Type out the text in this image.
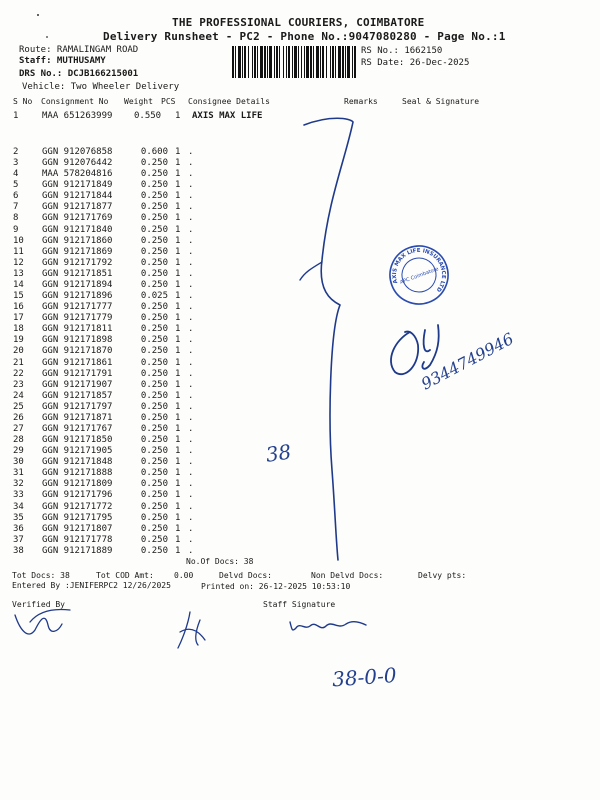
THE PROFESSIONAL COURIERS, COIMBATORE
Delivery Runsheet - PC2 - Phone No.:9047080280 - Page No.:1
Route: RAMALINGAM ROAD
Staff: MUTHUSAMY
DRS No.: DCJB166215001
Vehicle: Two Wheeler Delivery
RS No.: 1662150
RS Date: 26-Dec-2025
S No Consignment No Weight PCS Consignee Details	Remarks	Seal & Signature
1	MAA 651263999 0.550 1 AXIS MAX LIFE
2	GGN 912076858	0.600 1 .
3	GGN 912076442	0.250 1 .
4	MAA 578204816	0.250 1 .
5	GGN 912171849	0.250 1 .
6	GGN 912171844	0.250 1 .
7	GGN 912171877	0.250 1 .
8	GGN 912171769	0.250 1 .
9	GGN 912171840	0.250 1 .
10 GGN 912171860	0.250 1 .
11 GGN 912171869	0.250 1 .
12 GGN 912171792	0.250 1 .
13 GGN 912171851	0.250 1 .
14 GGN 912171894	0.250 1 .
15 GGN 912171896	0.025 1 .
16 GGN 912171777	0.250 1 .
17 GGN 912171779	0.250 1 .
18 GGN 912171811	0.250 1 .
19 GGN 912171898	0.250 1 .
20 GGN 912171870	0.250 1 .
21 GGN 912171861	0.250 1 .
22 GGN 912171791	0.250 1 .
23 GGN 912171907	0.250 1 .
24 GGN 912171857	0.250 1 .
25 GGN 912171797	0.250 1 .
26 GGN 912171871	0.250 1 .
27 GGN 912171767	0.250 1 .
28 GGN 912171850	0.250 1 .
29 GGN 912171905	0.250 1 .
30 GGN 912171848	0.250 1 .
31 GGN 912171888	0.250 1 .
32 GGN 912171809	0.250 1 .
33 GGN 912171796	0.250 1 .
34 GGN 912171772	0.250 1 .
35 GGN 912171795	0.250 1 .
36 GGN 912171807	0.250 1 .
37 GGN 912171778	0.250 1 .
38 GGN 912171889	0.250 1 .
No.Of Docs: 38
Tot Docs: 38	Tot COD Amt:	0.00	Delvd Docs:	Non Delvd Docs:	Delvy pts:
Entered By :JENIFERPC2 12/26/2025	Printed on: 26-12-2025 10:53:10
Verified By	Staff Signature
AXIS MAX LIFE INSURANCE LTD
APC Coimbatore
9344749946
38
38-0-0
